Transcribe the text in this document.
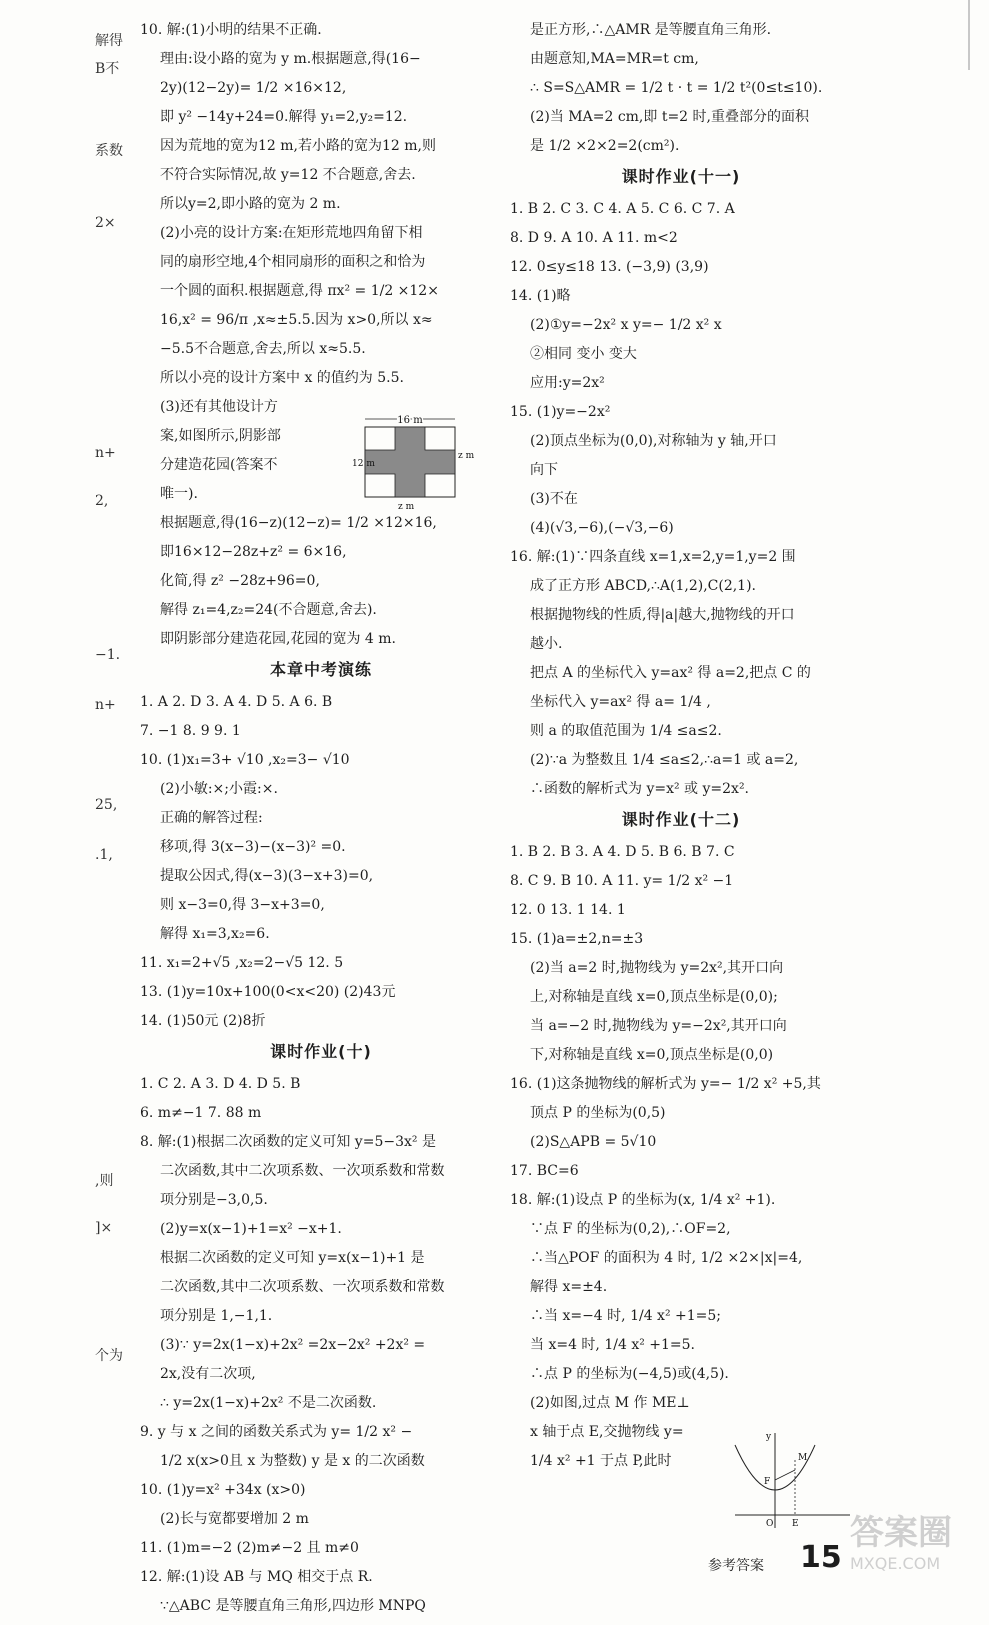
解得
B不
系数
2×
n+
2,
−1.
n+
25,
.1,
,则
]×
个为
10. 解:(1)小明的结果不正确.
理由:设小路的宽为 y m.根据题意,得(16−
2y)(12−2y)= 1/2 ×16×12,
即 y² −14y+24=0.解得 y₁=2,y₂=12.
因为荒地的宽为12 m,若小路的宽为12 m,则
不符合实际情况,故 y=12 不合题意,舍去.
所以y=2,即小路的宽为 2 m.
(2)小亮的设计方案:在矩形荒地四角留下相
同的扇形空地,4个相同扇形的面积之和恰为
一个圆的面积.根据题意,得 πx² = 1/2 ×12×
16,x² = 96/π ,x≈±5.5.因为 x>0,所以 x≈
−5.5不合题意,舍去,所以 x≈5.5.
所以小亮的设计方案中 x 的值约为 5.5.
(3)还有其他设计方
案,如图所示,阴影部
分建造花园(答案不
唯一).
根据题意,得(16−z)(12−z)= 1/2 ×12×16,
即16×12−28z+z² = 6×16,
化简,得 z² −28z+96=0,
解得 z₁=4,z₂=24(不合题意,舍去).
即阴影部分建造花园,花园的宽为 4 m.
本章中考演练
1. A 2. D 3. A 4. D 5. A 6. B
7. −1 8. 9 9. 1
10. (1)x₁=3+ √10 ,x₂=3− √10
(2)小敏:×;小霞:×.
正确的解答过程:
移项,得 3(x−3)−(x−3)² =0.
提取公因式,得(x−3)(3−x+3)=0,
则 x−3=0,得 3−x+3=0,
解得 x₁=3,x₂=6.
11. x₁=2+√5 ,x₂=2−√5 12. 5
13. (1)y=10x+100(0<x<20) (2)43元
14. (1)50元 (2)8折
课时作业(十)
1. C 2. A 3. D 4. D 5. B
6. m≠−1 7. 88 m
8. 解:(1)根据二次函数的定义可知 y=5−3x² 是
二次函数,其中二次项系数、一次项系数和常数
项分别是−3,0,5.
(2)y=x(x−1)+1=x² −x+1.
根据二次函数的定义可知 y=x(x−1)+1 是
二次函数,其中二次项系数、一次项系数和常数
项分别是 1,−1,1.
(3)∵ y=2x(1−x)+2x² =2x−2x² +2x² =
2x,没有二次项,
∴ y=2x(1−x)+2x² 不是二次函数.
9. y 与 x 之间的函数关系式为 y= 1/2 x² −
1/2 x(x>0且 x 为整数) y 是 x 的二次函数
10. (1)y=x² +34x (x>0)
(2)长与宽都要增加 2 m
11. (1)m=−2 (2)m≠−2 且 m≠0
12. 解:(1)设 AB 与 MQ 相交于点 R.
∵△ABC 是等腰直角三角形,四边形 MNPQ
是正方形,∴△AMR 是等腰直角三角形.
由题意知,MA=MR=t cm,
∴ S=S△AMR = 1/2 t · t = 1/2 t²(0≤t≤10).
(2)当 MA=2 cm,即 t=2 时,重叠部分的面积
是 1/2 ×2×2=2(cm²).
课时作业(十一)
1. B 2. C 3. C 4. A 5. C 6. C 7. A
8. D 9. A 10. A 11. m<2
12. 0≤y≤18 13. (−3,9) (3,9)
14. (1)略
(2)①y=−2x² x y=− 1/2 x² x
②相同 变小 变大
应用:y=2x²
15. (1)y=−2x²
(2)顶点坐标为(0,0),对称轴为 y 轴,开口
向下
(3)不在
(4)(√3,−6),(−√3,−6)
16. 解:(1)∵四条直线 x=1,x=2,y=1,y=2 围
成了正方形 ABCD,∴A(1,2),C(2,1).
根据抛物线的性质,得|a|越大,抛物线的开口
越小.
把点 A 的坐标代入 y=ax² 得 a=2,把点 C 的
坐标代入 y=ax² 得 a= 1/4 ,
则 a 的取值范围为 1/4 ≤a≤2.
(2)∵a 为整数且 1/4 ≤a≤2,∴a=1 或 a=2,
∴函数的解析式为 y=x² 或 y=2x².
课时作业(十二)
1. B 2. B 3. A 4. D 5. B 6. B 7. C
8. C 9. B 10. A 11. y= 1/2 x² −1
12. 0 13. 1 14. 1
15. (1)a=±2,n=±3
(2)当 a=2 时,抛物线为 y=2x²,其开口向
上,对称轴是直线 x=0,顶点坐标是(0,0);
当 a=−2 时,抛物线为 y=−2x²,其开口向
下,对称轴是直线 x=0,顶点坐标是(0,0)
16. (1)这条抛物线的解析式为 y=− 1/2 x² +5,其
顶点 P 的坐标为(0,5)
(2)S△APB = 5√10
17. BC=6
18. 解:(1)设点 P 的坐标为(x, 1/4 x² +1).
∵点 F 的坐标为(0,2),∴OF=2,
∴当△POF 的面积为 4 时, 1/2 ×2×|x|=4,
解得 x=±4.
∴当 x=−4 时, 1/4 x² +1=5;
当 x=4 时, 1/4 x² +1=5.
∴点 P 的坐标为(−4,5)或(4,5).
(2)如图,过点 M 作 ME⊥
x 轴于点 E,交抛物线 y=
1/4 x² +1 于点 P,此时
16 m
12 m
z m
z m
y
F
M
O E
参考答案 15
答案圈
MXQE.COM
